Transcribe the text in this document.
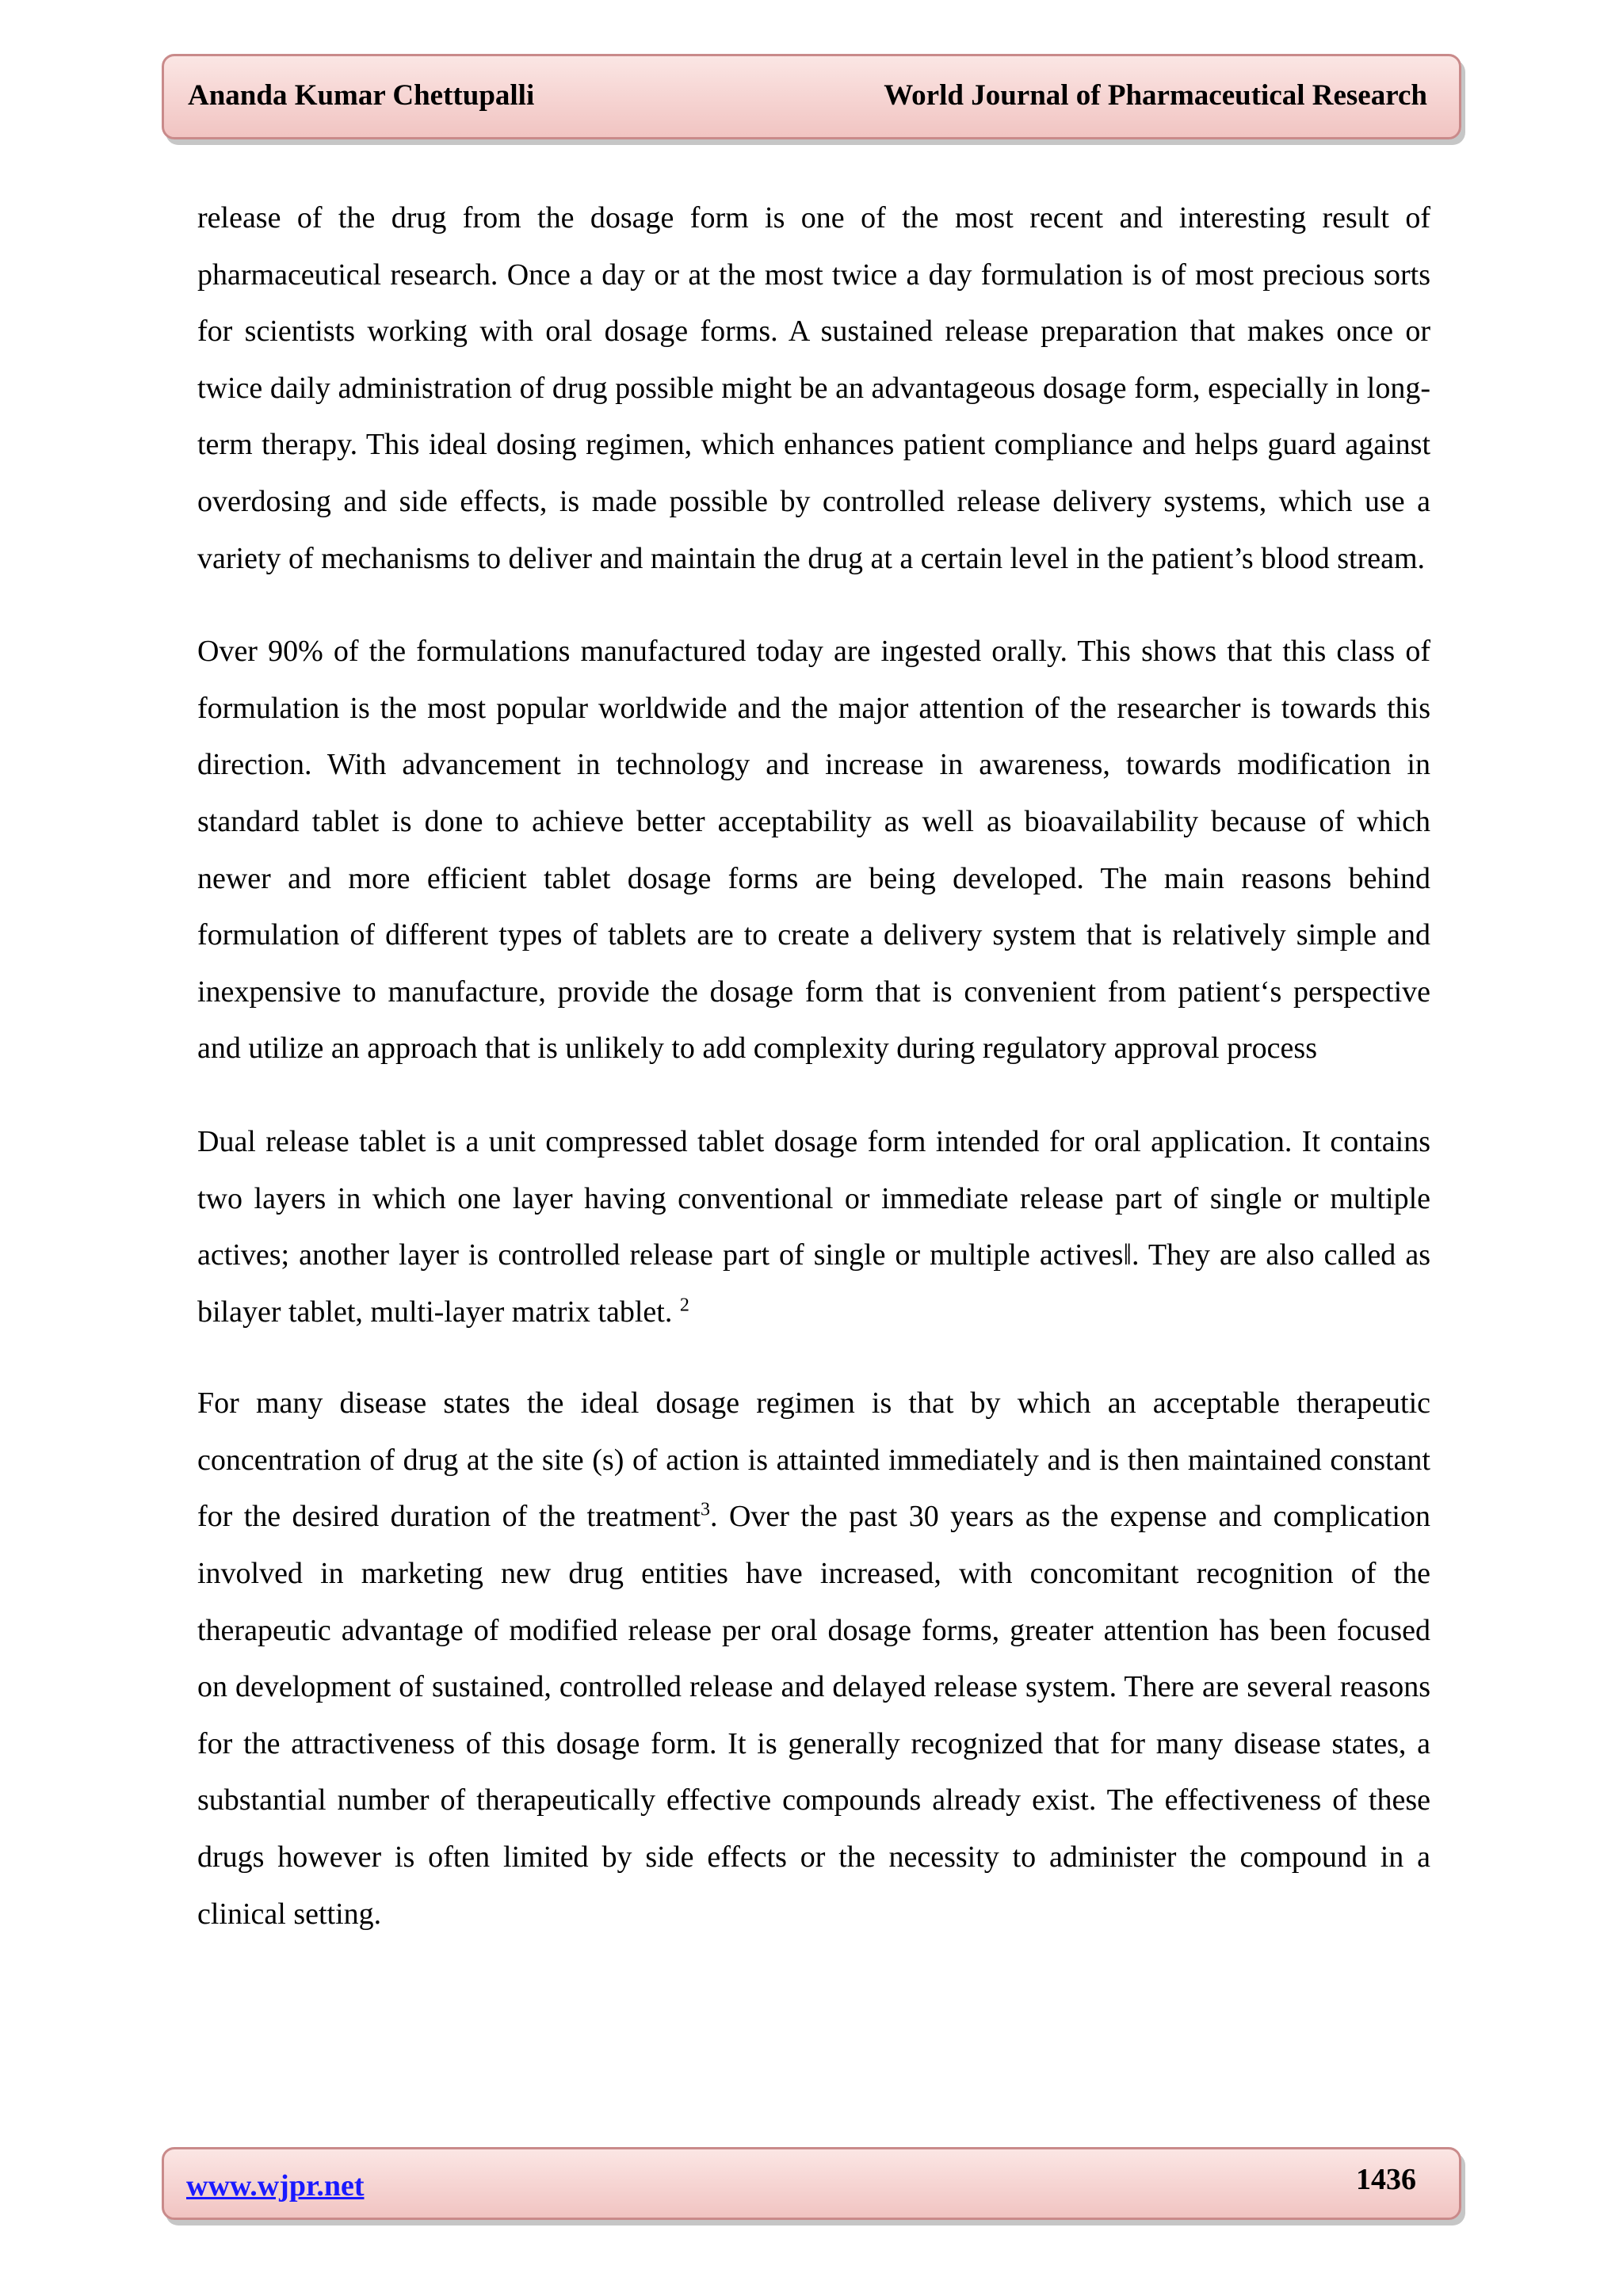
Ananda Kumar Chettupalli	World Journal of Pharmaceutical Research

release of the drug from the dosage form is one of the most recent and interesting result of pharmaceutical research. Once a day or at the most twice a day formulation is of most precious sorts for scientists working with oral dosage forms. A sustained release preparation that makes once or twice daily administration of drug possible might be an advantageous dosage form, especially in long-term therapy. This ideal dosing regimen, which enhances patient compliance and helps guard against overdosing and side effects, is made possible by controlled release delivery systems, which use a variety of mechanisms to deliver and maintain the drug at a certain level in the patient’s blood stream.

Over 90% of the formulations manufactured today are ingested orally. This shows that this class of formulation is the most popular worldwide and the major attention of the researcher is towards this direction. With advancement in technology and increase in awareness, towards modification in standard tablet is done to achieve better acceptability as well as bioavailability because of which newer and more efficient tablet dosage forms are being developed. The main reasons behind formulation of different types of tablets are to create a delivery system that is relatively simple and inexpensive to manufacture, provide the dosage form that is convenient from patient‘s perspective and utilize an approach that is unlikely to add complexity during regulatory approval process

Dual release tablet is a unit compressed tablet dosage form intended for oral application. It contains two layers in which one layer having conventional or immediate release part of single or multiple actives; another layer is controlled release part of single or multiple actives‖. They are also called as bilayer tablet, multi-layer matrix tablet. $^2$

For many disease states the ideal dosage regimen is that by which an acceptable therapeutic concentration of drug at the site (s) of action is attainted immediately and is then maintained constant for the desired duration of the treatment$^3$. Over the past 30 years as the expense and complication involved in marketing new drug entities have increased, with concomitant recognition of the therapeutic advantage of modified release per oral dosage forms, greater attention has been focused on development of sustained, controlled release and delayed release system. There are several reasons for the attractiveness of this dosage form. It is generally recognized that for many disease states, a substantial number of therapeutically effective compounds already exist. The effectiveness of these drugs however is often limited by side effects or the necessity to administer the compound in a clinical setting.

www.wjpr.net	1436
